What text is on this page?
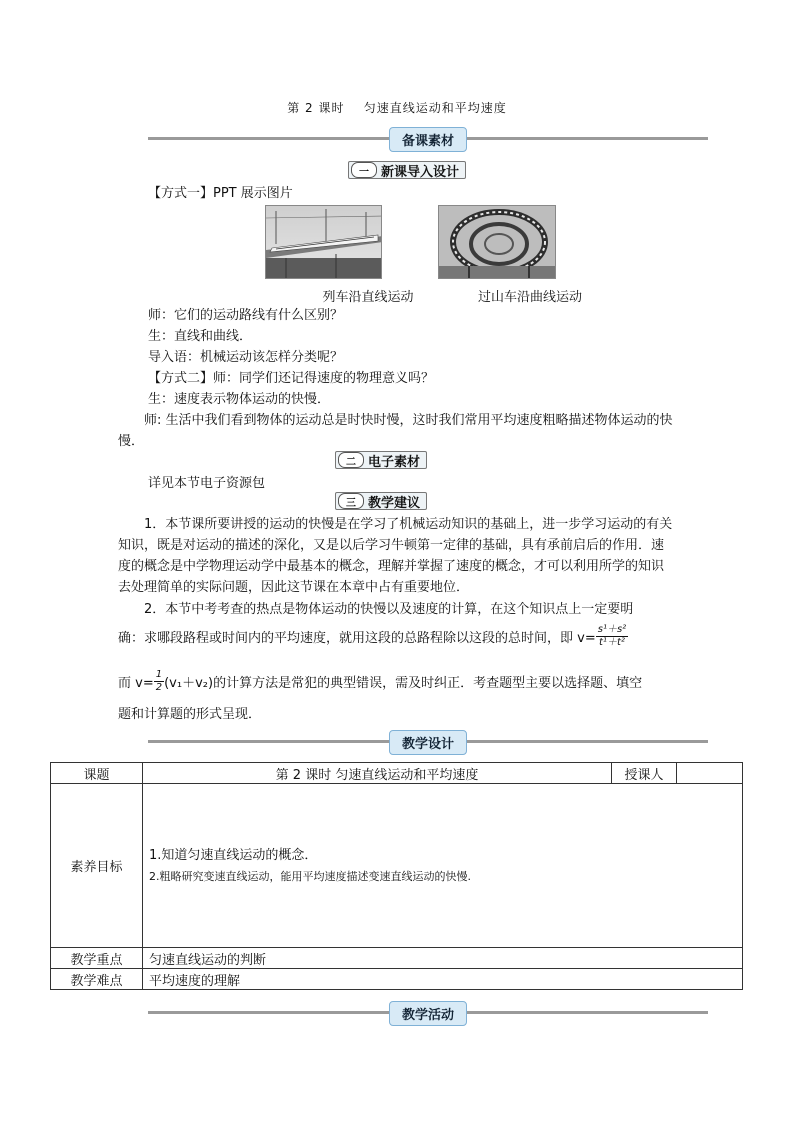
第 2 课时    匀速直线运动和平均速度
备课素材
一 新课导入设计
【方式一】PPT 展示图片
列车沿直线运动	过山车沿曲线运动
师：它们的运动路线有什么区别？
生：直线和曲线．
导入语：机械运动该怎样分类呢？
【方式二】师：同学们还记得速度的物理意义吗？
生：速度表示物体运动的快慢．
师: 生活中我们看到物体的运动总是时快时慢，这时我们常用平均速度粗略描述物体运动的快慢．
二 电子素材
详见本节电子资源包
三 教学建议
1．本节课所要讲授的运动的快慢是在学习了机械运动知识的基础上，进一步学习运动的有关知识，既是对运动的描述的深化，又是以后学习牛顿第一定律的基础，具有承前启后的作用．速度的概念是中学物理运动学中最基本的概念，理解并掌握了速度的概念，才可以利用所学的知识去处理简单的实际问题，因此这节课在本章中占有重要地位．
2．本节中考考查的热点是物体运动的快慢以及速度的计算，在这个知识点上一定要明
确：求哪段路程或时间内的平均速度，就用这段的总路程除以这段的总时间，即 $v= \frac{\text{s¹＋s²}}{\text{t¹＋t²}}$
而 $v= \frac{1}{2} (v_1+v_2)$ 的计算方法是常犯的典型错误，需及时纠正．考查题型主要以选择题、填空
题和计算题的形式呈现．
教学设计
课题	第 2 课时 匀速直线运动和平均速度	授课人	
素养目标	1.知道匀速直线运动的概念．
2.粗略研究变速直线运动，能用平均速度描述变速直线运动的快慢.		

教学重点	匀速直线运动的判断		
教学难点	平均速度的理解		
教学活动
